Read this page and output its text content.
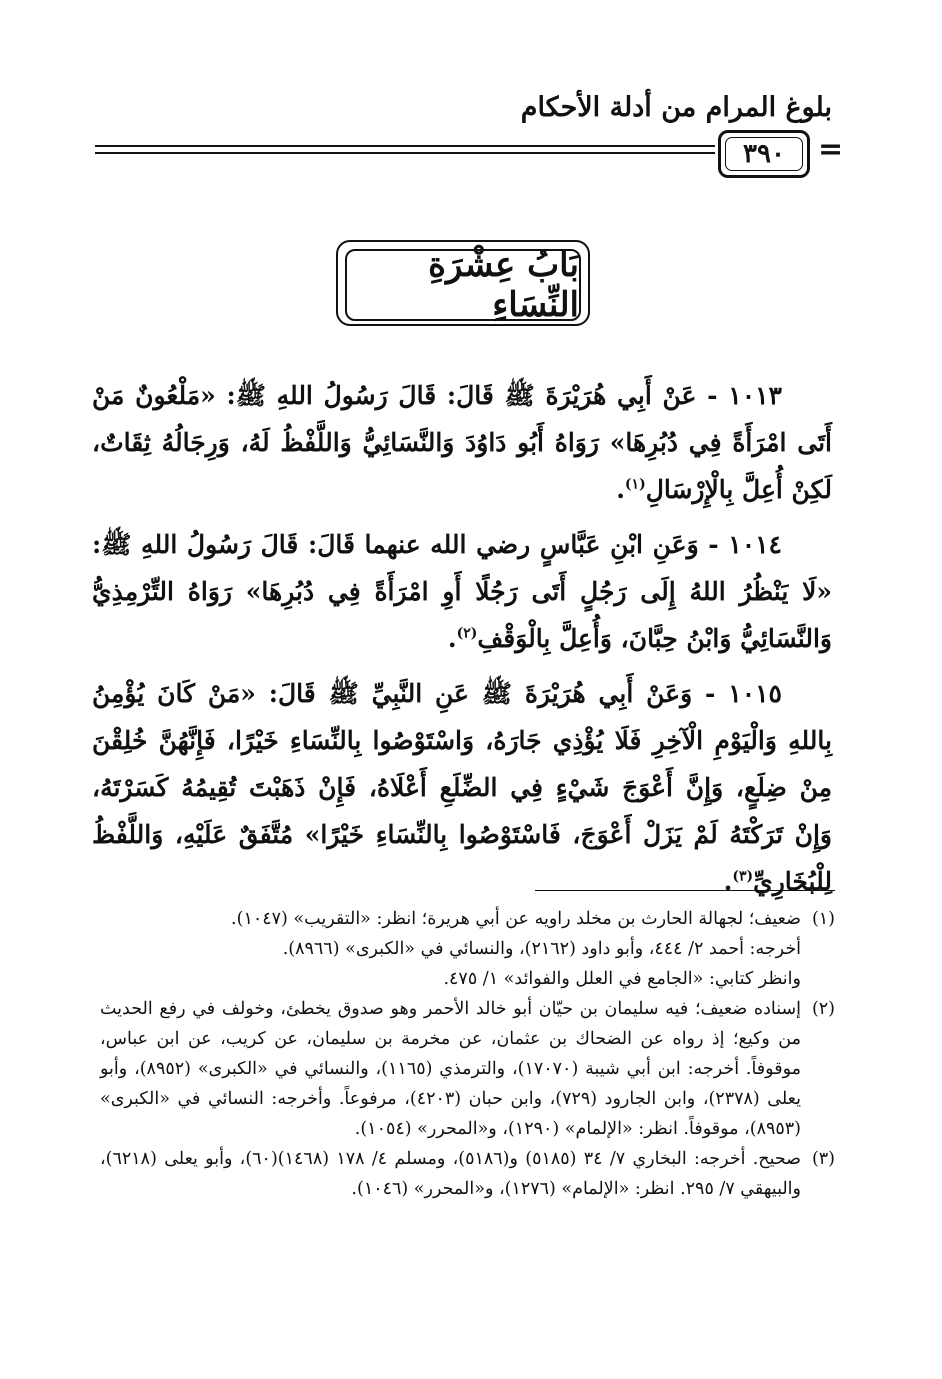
بلوغ المرام من أدلة الأحكام
٣٩٠ =
بَابُ عِشْرَةِ النِّسَاءِ

١٠١٣ - عَنْ أَبِي هُرَيْرَةَ ﷺ قَالَ: قَالَ رَسُولُ اللهِ ﷺ: «مَلْعُونٌ مَنْ أَتَى امْرَأَةً فِي دُبُرِهَا» رَوَاهُ أَبُو دَاوُدَ وَالنَّسَائِيُّ وَاللَّفْظُ لَهُ، وَرِجَالُهُ ثِقَاتٌ، لَكِنْ أُعِلَّ بِالْإِرْسَالِ$^{(١)}$.

١٠١٤ - وَعَنِ ابْنِ عَبَّاسٍ رضي الله عنهما قَالَ: قَالَ رَسُولُ اللهِ ﷺ: «لَا يَنْظُرُ اللهُ إِلَى رَجُلٍ أَتَى رَجُلًا أَوِ امْرَأَةً فِي دُبُرِهَا» رَوَاهُ التِّرْمِذِيُّ وَالنَّسَائِيُّ وَابْنُ حِبَّانَ، وَأُعِلَّ بِالْوَقْفِ$^{(٢)}$.

١٠١٥ - وَعَنْ أَبِي هُرَيْرَةَ ﷺ عَنِ النَّبِيِّ ﷺ قَالَ: «مَنْ كَانَ يُؤْمِنُ بِاللهِ وَالْيَوْمِ الْآخِرِ فَلَا يُؤْذِي جَارَهُ، وَاسْتَوْصُوا بِالنِّسَاءِ خَيْرًا، فَإِنَّهُنَّ خُلِقْنَ مِنْ ضِلَعٍ، وَإِنَّ أَعْوَجَ شَيْءٍ فِي الضِّلَعِ أَعْلَاهُ، فَإِنْ ذَهَبْتَ تُقِيمُهُ كَسَرْتَهُ، وَإِنْ تَرَكْتَهُ لَمْ يَزَلْ أَعْوَجَ، فَاسْتَوْصُوا بِالنِّسَاءِ خَيْرًا» مُتَّفَقٌ عَلَيْهِ، وَاللَّفْظُ لِلْبُخَارِيِّ$^{(٣)}$.

(١)
ضعيف؛ لجهالة الحارث بن مخلد راويه عن أبي هريرة؛ انظر: «التقريب» (١٠٤٧).
أخرجه: أحمد ٢/ ٤٤٤، وأبو داود (٢١٦٢)، والنسائي في «الكبرى» (٨٩٦٦).
وانظر كتابي: «الجامع في العلل والفوائد» ١/ ٤٧٥.
(٢)
إسناده ضعيف؛ فيه سليمان بن حيّان أبو خالد الأحمر وهو صدوق يخطئ، وخولف في رفع الحديث من وكيع؛ إذ رواه عن الضحاك بن عثمان، عن مخرمة بن سليمان، عن كريب، عن ابن عباس، موقوفاً. أخرجه: ابن أبي شيبة (١٧٠٧٠)، والترمذي (١١٦٥)، والنسائي في «الكبرى» (٨٩٥٢)، وأبو يعلى (٢٣٧٨)، وابن الجارود (٧٢٩)، وابن حبان (٤٢٠٣)، مرفوعاً. وأخرجه: النسائي في «الكبرى» (٨٩٥٣)، موقوفاً. انظر: «الإلمام» (١٢٩٠)، و«المحرر» (١٠٥٤).
(٣)
صحيح. أخرجه: البخاري ٧/ ٣٤ (٥١٨٥) و(٥١٨٦)، ومسلم ٤/ ١٧٨ (١٤٦٨)(٦٠)، وأبو يعلى (٦٢١٨)، والبيهقي ٧/ ٢٩٥. انظر: «الإلمام» (١٢٧٦)، و«المحرر» (١٠٤٦).
